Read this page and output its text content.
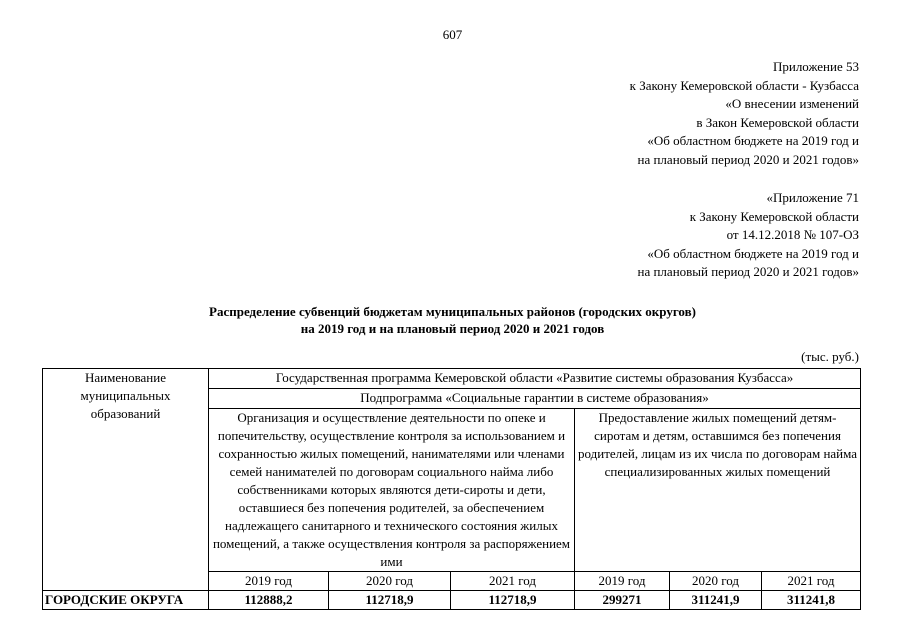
607
Приложение 53
к Закону Кемеровской области - Кузбасса
«О внесении изменений
в Закон Кемеровской области
«Об областном бюджете на 2019 год и
на плановый период 2020 и 2021 годов»
«Приложение 71
к Закону Кемеровской области
от 14.12.2018 № 107-ОЗ
«Об областном бюджете на 2019 год и
на плановый период 2020 и 2021 годов»
Распределение субвенций бюджетам муниципальных районов (городских округов)
на 2019 год и на плановый период 2020 и 2021 годов
(тыс. руб.)
Наименование муниципальных образований	Государственная программа Кемеровской области «Развитие системы образования Кузбасса»					
	Подпрограмма «Социальные гарантии в системе образования»					
	Организация и осуществление деятельности по опеке и попечительству, осуществление контроля за использованием и сохранностью жилых помещений, нанимателями или членами семей нанимателей по договорам социального найма либо собственниками которых являются дети-сироты и дети, оставшиеся без попечения родителей, за обеспечением надлежащего санитарного и технического состояния жилых помещений, а также осуществления контроля за распоряжением ими			Предоставление жилых помещений детям-сиротам и детям, оставшимся без попечения родителей, лицам из их числа по договорам найма специализированных жилых помещений		
	2019 год	2020 год	2021 год	2019 год	2020 год	2021 год
ГОРОДСКИЕ ОКРУГА	112888,2	112718,9	112718,9	299271	311241,9	311241,8
